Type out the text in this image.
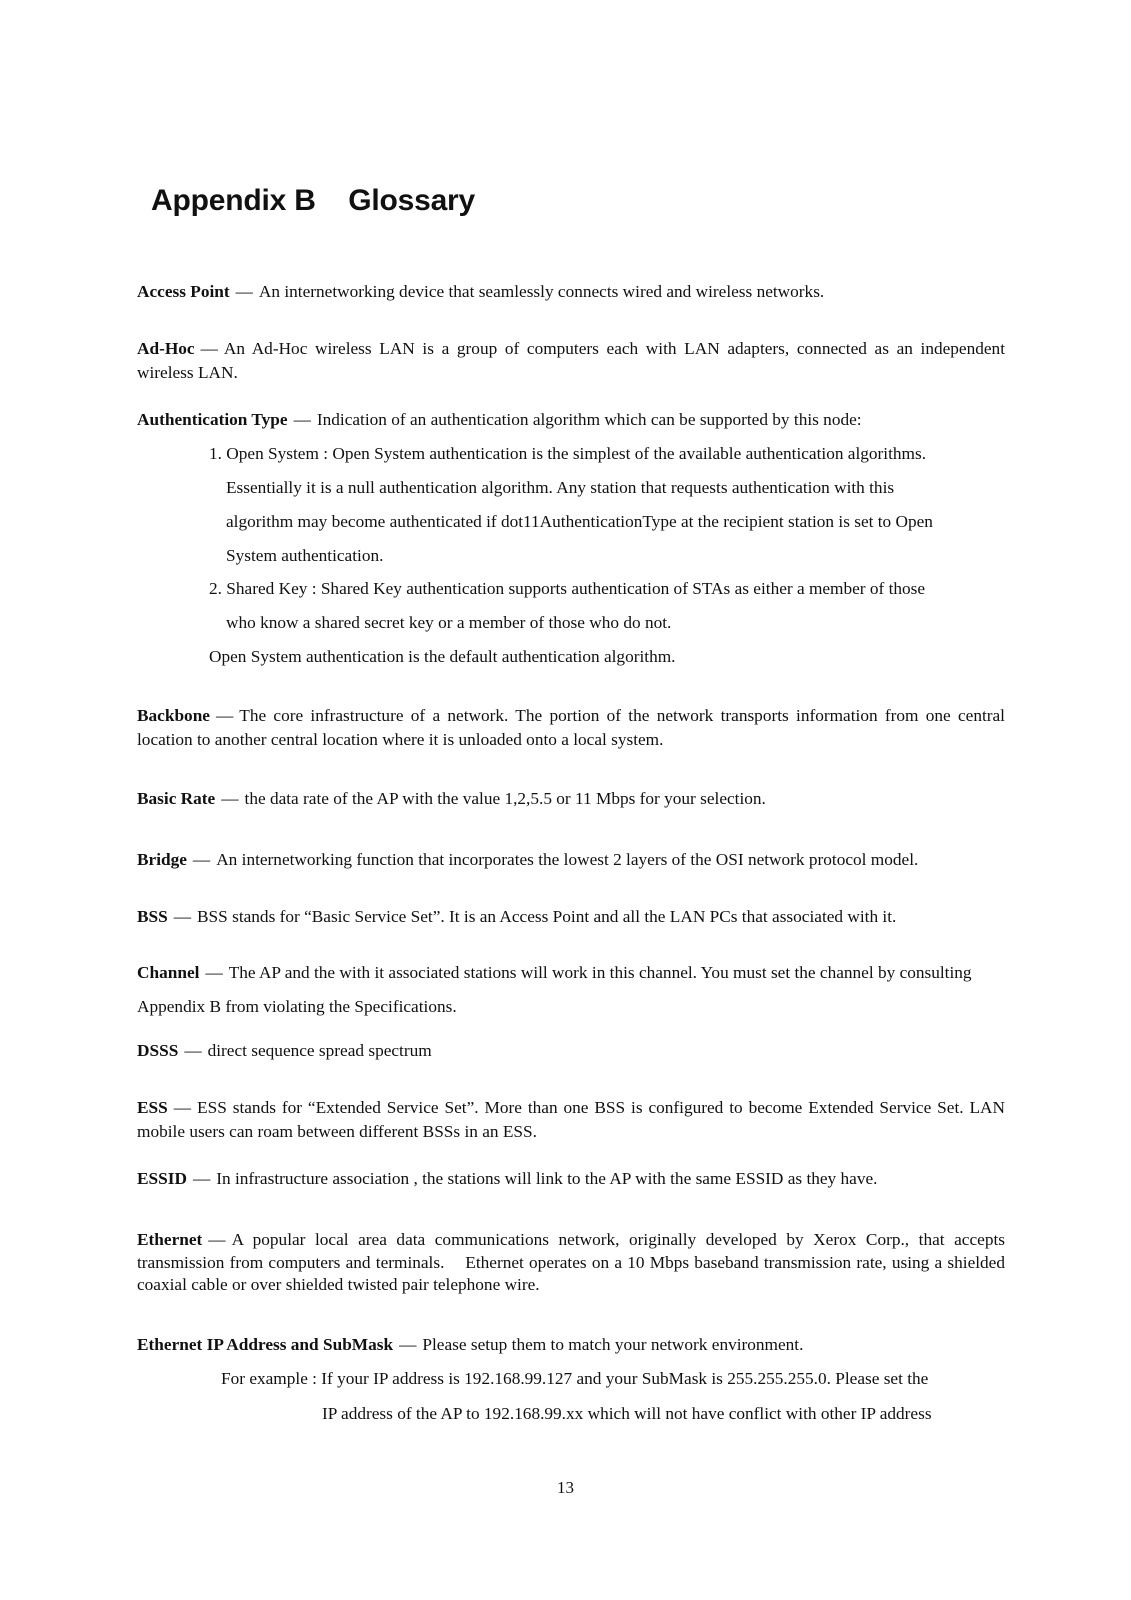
Appendix B    Glossary

Access Point — An internetworking device that seamlessly connects wired and wireless networks.

Ad-Hoc — An Ad-Hoc wireless LAN is a group of computers each with LAN adapters, connected as an independent wireless LAN.

Authentication Type — Indication of an authentication algorithm which can be supported by this node:

1. Open System : Open System authentication is the simplest of the available authentication algorithms.

Essentially it is a null authentication algorithm. Any station that requests authentication with this

algorithm may become authenticated if dot11AuthenticationType at the recipient station is set to Open

System authentication.

2. Shared Key : Shared Key authentication supports authentication of STAs as either a member of those

who know a shared secret key or a member of those who do not.

Open System authentication is the default authentication algorithm.

Backbone — The core infrastructure of a network. The portion of the network transports information from one central location to another central location where it is unloaded onto a local system.

Basic Rate — the data rate of the AP with the value 1,2,5.5 or 11 Mbps for your selection.

Bridge — An internetworking function that incorporates the lowest 2 layers of the OSI network protocol model.

BSS — BSS stands for “Basic Service Set”. It is an Access Point and all the LAN PCs that associated with it.

Channel — The AP and the with it associated stations will work in this channel. You must set the channel by consulting Appendix B from violating the Specifications.

DSSS — direct sequence spread spectrum

ESS — ESS stands for “Extended Service Set”. More than one BSS is configured to become Extended Service Set. LAN mobile users can roam between different BSSs in an ESS.

ESSID — In infrastructure association , the stations will link to the AP with the same ESSID as they have.

Ethernet — A popular local area data communications network, originally developed by Xerox Corp., that accepts transmission from computers and terminals.    Ethernet operates on a 10 Mbps baseband transmission rate, using a shielded coaxial cable or over shielded twisted pair telephone wire.

Ethernet IP Address and SubMask — Please setup them to match your network environment.

For example : If your IP address is 192.168.99.127 and your SubMask is 255.255.255.0. Please set the

IP address of the AP to 192.168.99.xx which will not have conflict with other IP address

13
